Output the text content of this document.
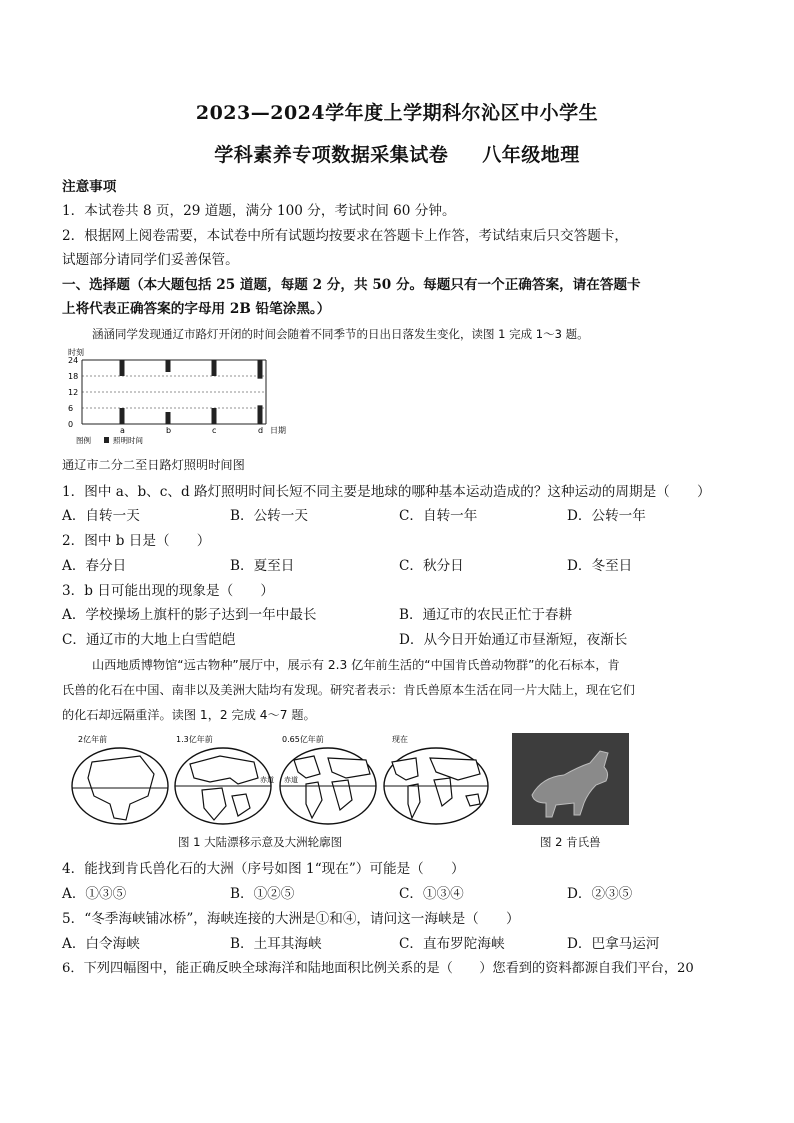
2023—2024学年度上学期科尔沁区中小学生
学科素养专项数据采集试卷 八年级地理
注意事项
1．本试卷共 8 页，29 道题，满分 100 分，考试时间 60 分钟。
2．根据网上阅卷需要，本试卷中所有试题均按要求在答题卡上作答，考试结束后只交答题卡，
试题部分请同学们妥善保管。
一、选择题（本大题包括 25 道题，每题 2 分，共 50 分。每题只有一个正确答案，请在答题卡
上将代表正确答案的字母用 2B 铅笔涂黑。）
涵涵同学发现通辽市路灯开闭的时间会随着不同季节的日出日落发生变化，读图 1 完成 1～3 题。
时刻
24
18
12
6
0
a	b	c	d 日期
图例	照明时间
通辽市二分二至日路灯照明时间图
1．图中 a、b、c、d 路灯照明时间长短不同主要是地球的哪种基本运动造成的？这种运动的周期是（　　）
A．自转一天	B．公转一天	C．自转一年	D．公转一年
2．图中 b 日是（　　）
A．春分日	B．夏至日	C．秋分日	D．冬至日
3．b 日可能出现的现象是（　　）
A．学校操场上旗杆的影子达到一年中最长	B．通辽市的农民正忙于春耕
C．通辽市的大地上白雪皑皑	D．从今日开始通辽市昼渐短，夜渐长
山西地质博物馆“远古物种”展厅中，展示有 2.3 亿年前生活的“中国肯氏兽动物群”的化石标本，肯
氏兽的化石在中国、南非以及美洲大陆均有发现。研究者表示：肯氏兽原本生活在同一片大陆上，现在它们
的化石却远隔重洋。读图 1，2 完成 4～7 题。
2亿年前	1.3亿年前	0.65亿年前	现在
赤道 赤道
图 1 大陆漂移示意及大洲轮廓图	图 2 肯氏兽
4．能找到肯氏兽化石的大洲（序号如图 1“现在”）可能是（　　）
A．①③⑤	B．①②⑤	C．①③④	D．②③⑤
5．“冬季海峡铺冰桥”，海峡连接的大洲是①和④，请问这一海峡是（　　）
A．白令海峡	B．土耳其海峡	C．直布罗陀海峡	D．巴拿马运河
6．下列四幅图中，能正确反映全球海洋和陆地面积比例关系的是（　　）您看到的资料都源自我们平台，20
